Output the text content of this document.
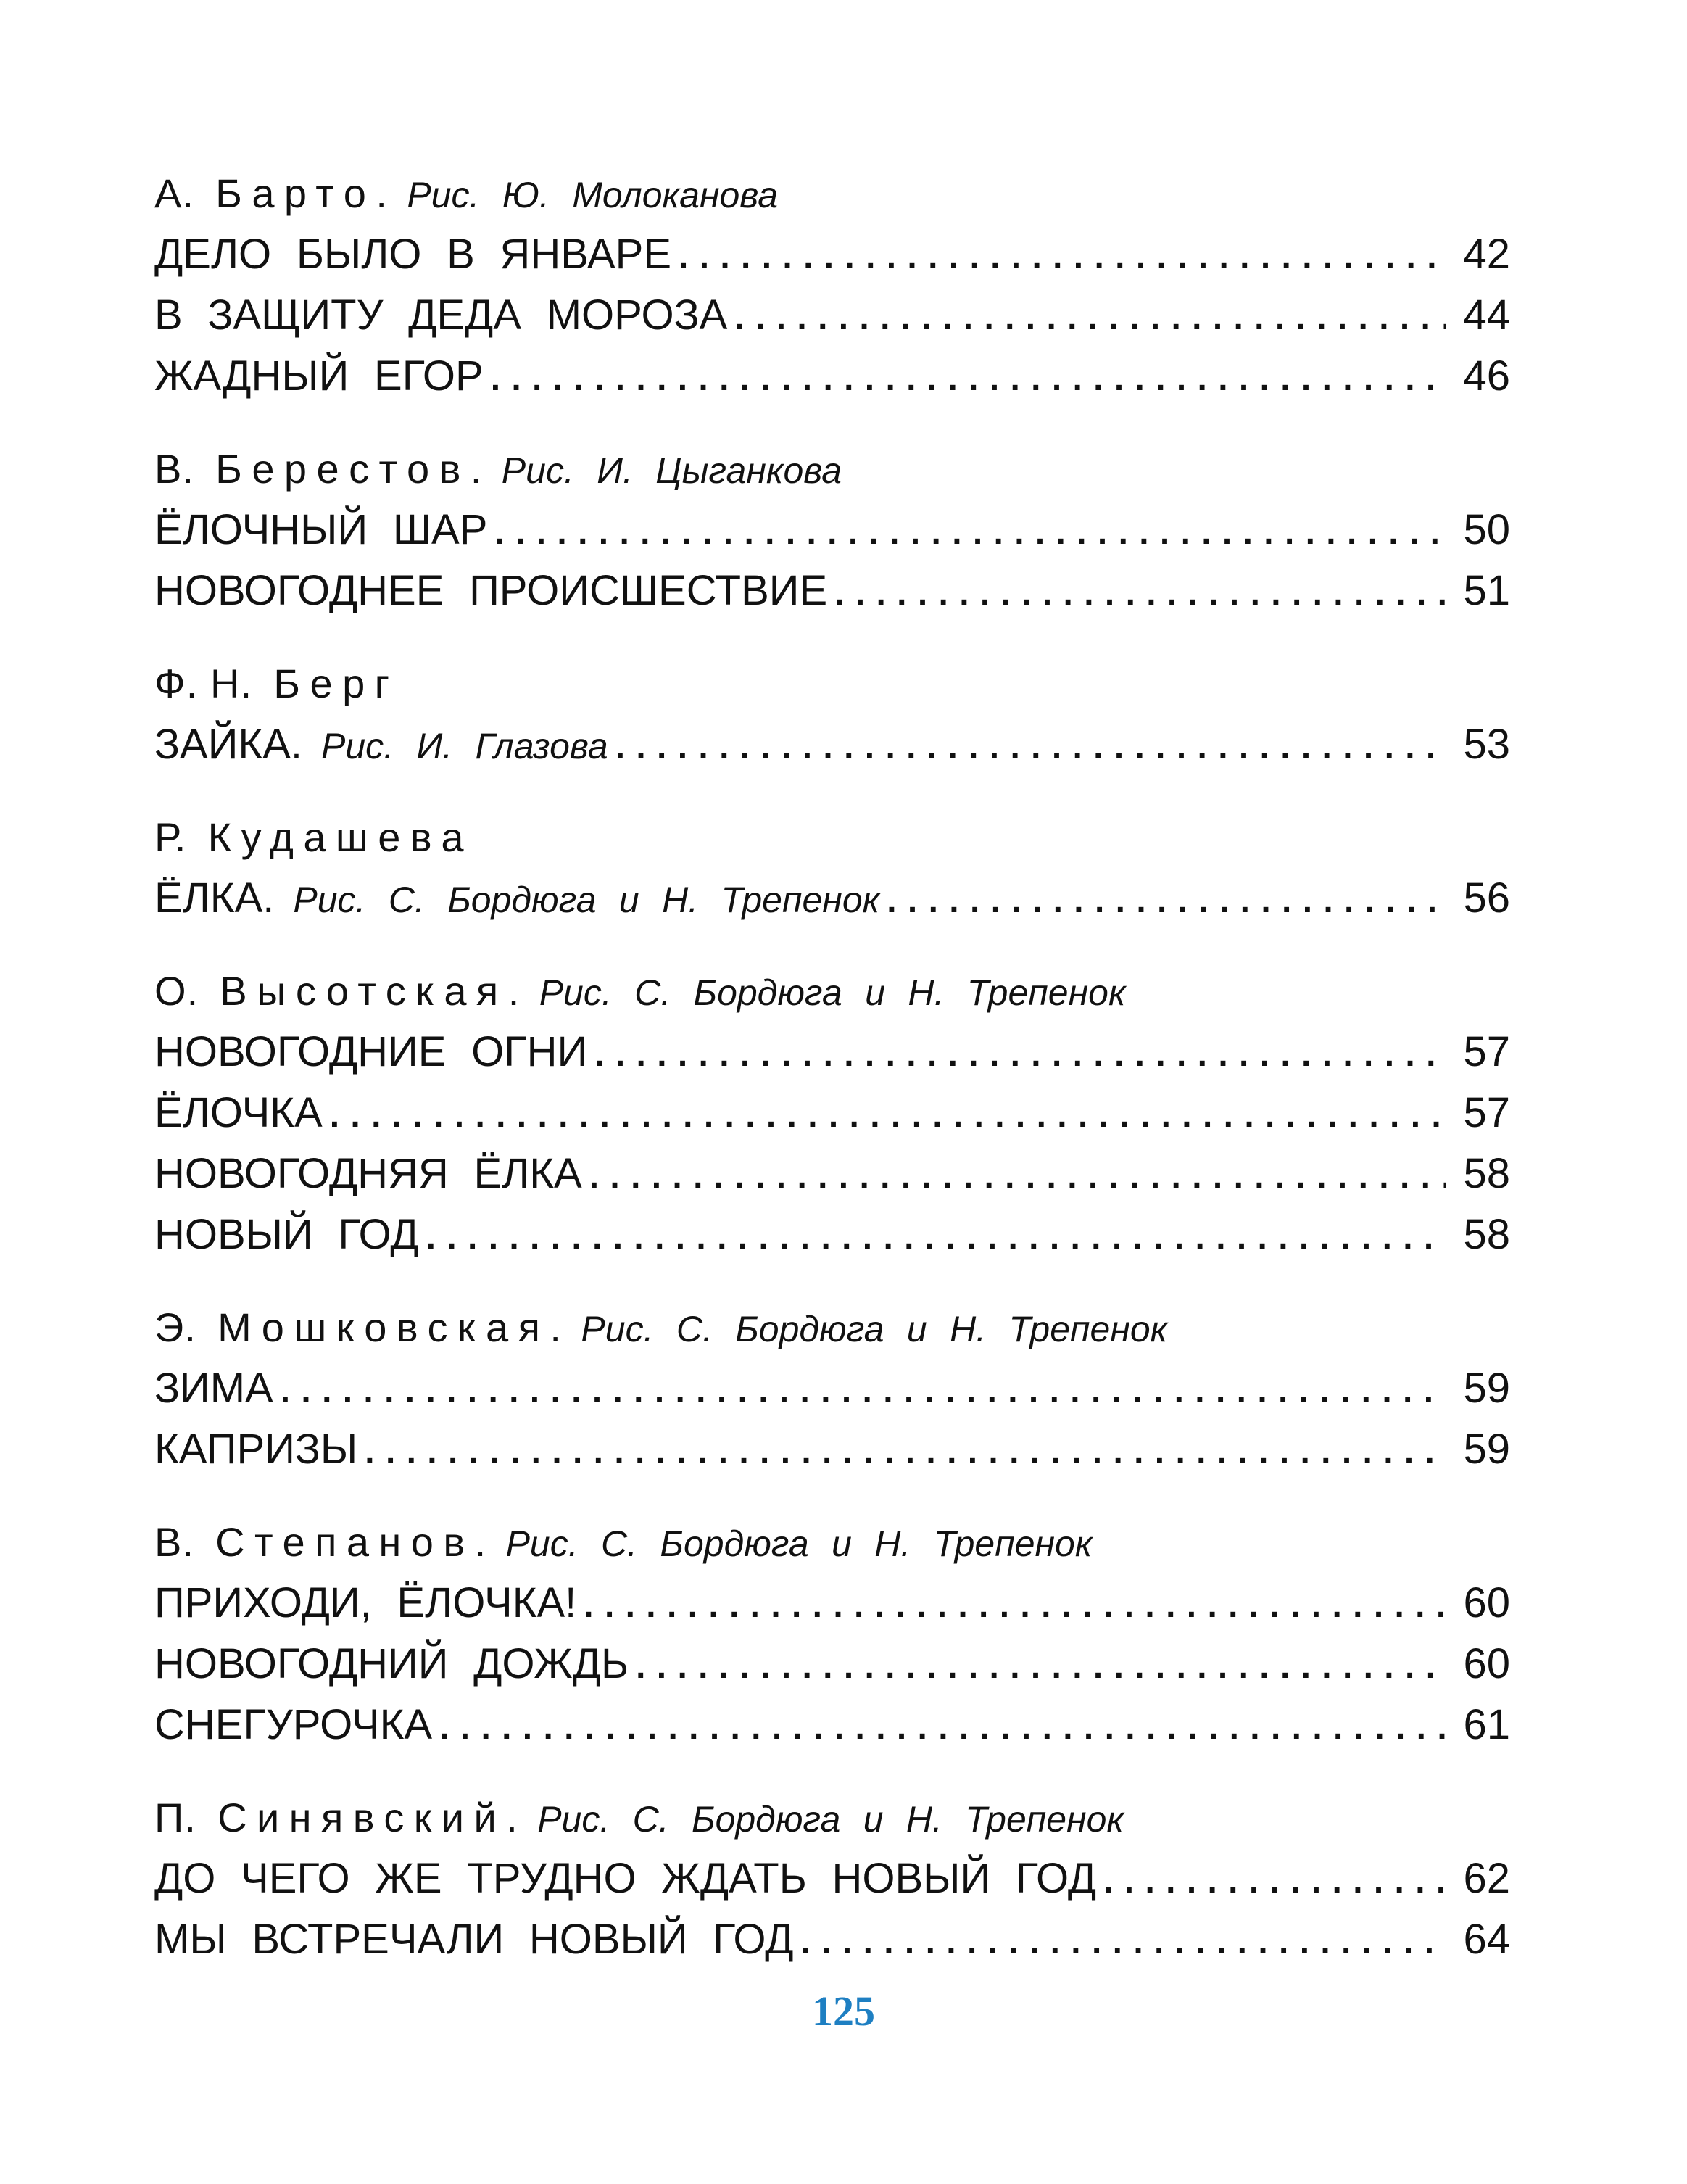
А. Барто. Рис. Ю. Молоканова
ДЕЛО БЫЛО В ЯНВАРЕ . . .	42
В ЗАЩИТУ ДЕДА МОРОЗА . . .	44
ЖАДНЫЙ ЕГОР . . .	46
В. Берестов. Рис. И. Цыганкова
ЁЛОЧНЫЙ ШАР . . .	50
НОВОГОДНЕЕ ПРОИСШЕСТВИЕ . . .	51
Ф. Н. Берг
ЗАЙКА. Рис. И. Глазова . . .	53
Р. Кудашева
ЁЛКА. Рис. С. Бордюга и Н. Трепенок . . .	56
О. Высотская. Рис. С. Бордюга и Н. Трепенок
НОВОГОДНИЕ ОГНИ . . .	57
ЁЛОЧКА . . .	57
НОВОГОДНЯЯ ЁЛКА . . .	58
НОВЫЙ ГОД . . .	58
Э. Мошковская. Рис. С. Бордюга и Н. Трепенок
ЗИМА . . .	59
КАПРИЗЫ . . .	59
В. Степанов. Рис. С. Бордюга и Н. Трепенок
ПРИХОДИ, ЁЛОЧКА! . . .	60
НОВОГОДНИЙ ДОЖДЬ . . .	60
СНЕГУРОЧКА . . .	61
П. Синявский. Рис. С. Бордюга и Н. Трепенок
ДО ЧЕГО ЖЕ ТРУДНО ЖДАТЬ НОВЫЙ ГОД . . .	62
МЫ ВСТРЕЧАЛИ НОВЫЙ ГОД . . .	64
125
